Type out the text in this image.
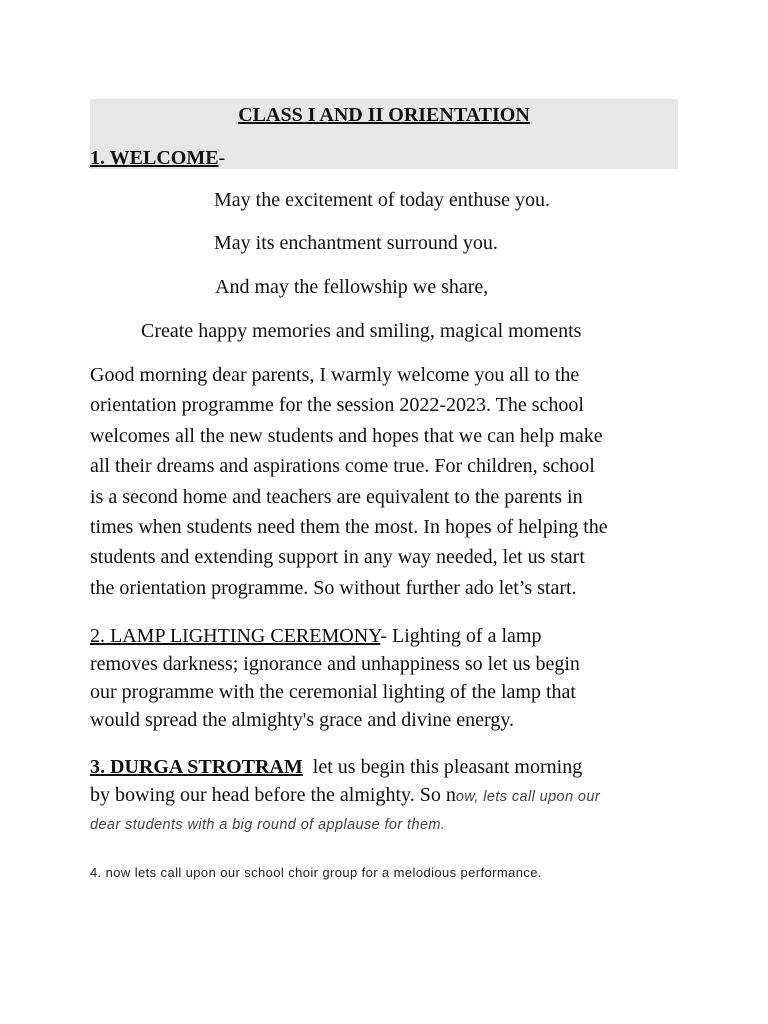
CLASS I AND II ORIENTATION

1. WELCOME-

May the excitement of today enthuse you.

May its enchantment surround you.

And may the fellowship we share,

Create happy memories and smiling, magical moments

Good morning dear parents, I warmly welcome you all to the
orientation programme for the session 2022-2023. The school
welcomes all the new students and hopes that we can help make
all their dreams and aspirations come true. For children, school
is a second home and teachers are equivalent to the parents in
times when students need them the most. In hopes of helping the
students and extending support in any way needed, let us start
the orientation programme. So without further ado let’s start.
2. LAMP LIGHTING CEREMONY- Lighting of a lamp
removes darkness; ignorance and unhappiness so let us begin
our programme with the ceremonial lighting of the lamp that
would spread the almighty's grace and divine energy.
3. DURGA STROTRAM  let us begin this pleasant morning
by bowing our head before the almighty. So now, lets call upon our
dear students with a big round of applause for them.

4. now lets call upon our school choir group for a melodious performance.
